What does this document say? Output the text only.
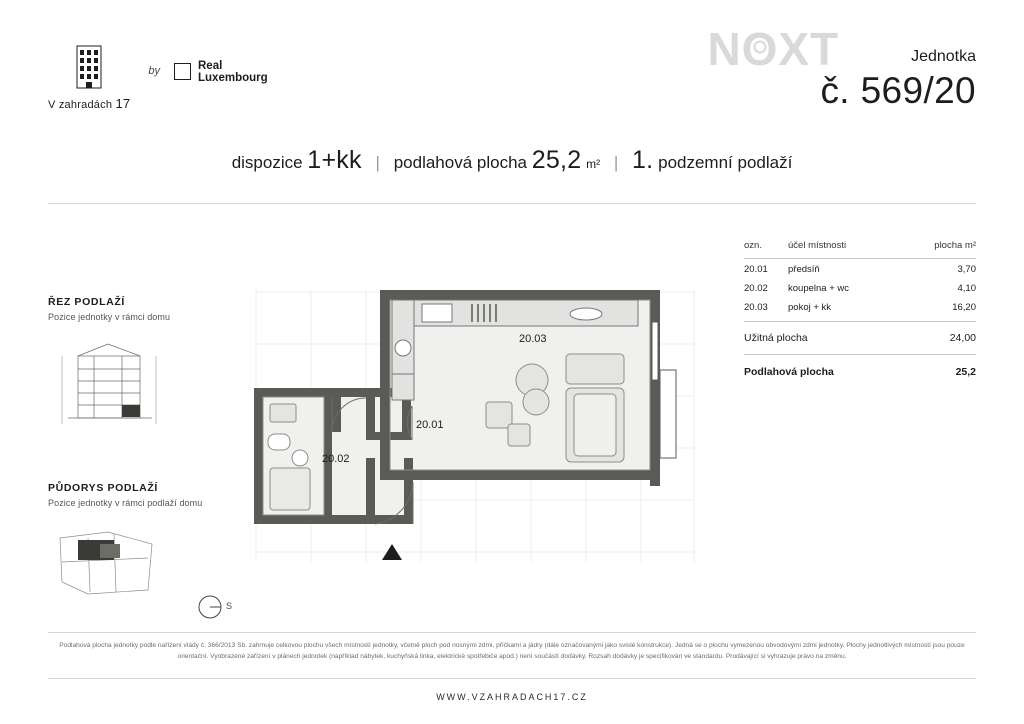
V zahradách 17
by	Real
Luxembourg
NOXT	Jednotka
č. 569/20
dispozice 1+kk | podlahová plocha 25,2 m² | 1. podzemní podlaží
ŘEZ PODLAŽÍ
Pozice jednotky v rámci domu
PŮDORYS PODLAŽÍ
Pozice jednotky v rámci podlaží domu
ozn.	účel místnosti	plocha m²
20.01	předsíň	3,70
20.02	koupelna + wc	4,10
20.03	pokoj + kk	16,20
Užitná plocha	24,00
Podlahová plocha	25,2
20.03
20.01
20.02
S
Podlahová plocha jednotky podle nařízení vlády č. 366/2013 Sb. zahrnuje celkovou plochu všech místností jednotky, včetně ploch pod nosnými zdmi, příčkami a jádry (dále označovanými jako svislé konstrukce). Jedná se o plochu vymezenou obvodovými zdmi jednotky. Plochy jednotlivých místností jsou pouze orientační. Vyobrazené zařízení v plánech jednotek (například nábytek, kuchyňská linka, elektrické spotřebiče apod.) není součástí dodávky. Rozsah dodávky je specifikován ve standardu. Prodávající si vyhrazuje právo na změnu.
WWW.VZAHRADACH17.CZ
